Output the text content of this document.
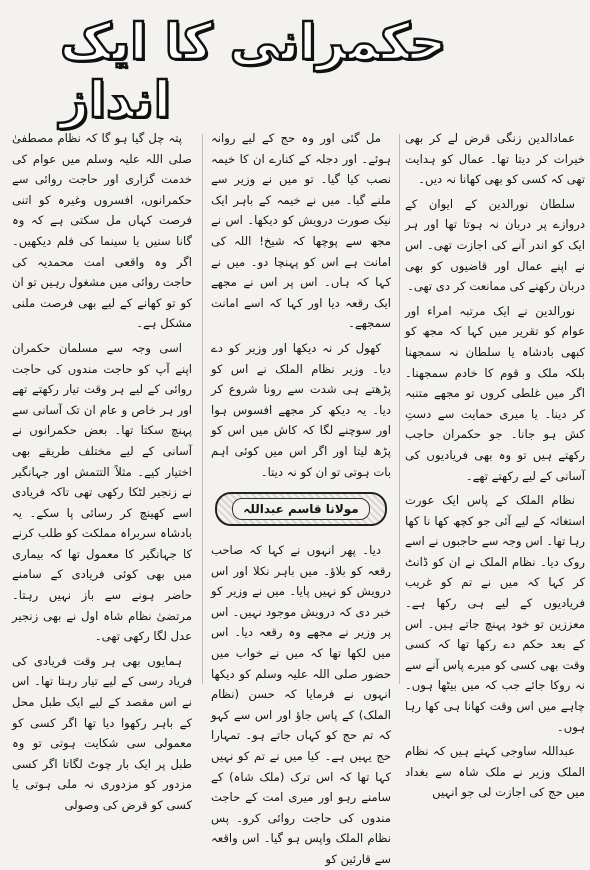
حکمرانی کا ایک انداز

عمادالدین زنگی قرض لے کر بھی خیرات کر دیتا تھا۔ عمال کو ہدایت تھی کہ کسی کو بھی کھانا نہ دیں۔

سلطان نورالدین کے ایوان کے دروازے پر دربان نہ ہوتا تھا اور ہر ایک کو اندر آنے کی اجازت تھی۔ اس نے اپنے عمال اور قاضیوں کو بھی دربان رکھنے کی ممانعت کر دی تھی۔

نورالدین نے ایک مرتبہ امراء اور عوام کو تقریر میں کہا کہ مجھ کو کبھی بادشاہ یا سلطان نہ سمجھنا بلکہ ملک و قوم کا خادم سمجھنا۔ اگر میں غلطی کروں تو مجھے متنبہ کر دینا۔ یا میری حمایت سے دستِ کش ہو جانا۔ جو حکمران حاجب رکھتے ہیں تو وہ بھی فریادیوں کی آسانی کے لیے رکھتے تھے۔

نظام الملک کے پاس ایک عورت استغاثہ کے لیے آئی جو کچھ کھا نا کھا رہا تھا۔ اس وجہ سے حاجبوں نے اسے روک دیا۔ نظام الملک نے ان کو ڈانٹ کر کہا کہ میں نے تم کو غریب فریادیوں کے لیے ہی رکھا ہے۔ معززین تو خود پہنچ جاتے ہیں۔ اس کے بعد حکم دے رکھا تھا کہ کسی وقت بھی کسی کو میرے پاس آنے سے نہ روکا جائے جب کہ میں بیٹھا ہوں۔ چاہے میں اس وقت کھانا ہی کھا رہا ہوں۔

عبداللہ ساوجی کہتے ہیں کہ نظام الملک وزیر نے ملک شاہ سے بغداد میں حج کی اجازت لی جو انہیں

مل گئی اور وہ حج کے لیے روانہ ہوئے۔ اور دجلہ کے کنارے ان کا خیمہ نصب کیا گیا۔ تو میں نے وزیر سے ملنے گیا۔ میں نے خیمہ کے باہر ایک نیک صورت درویش کو دیکھا۔ اس نے مجھ سے پوچھا کہ شیخ! اللہ کی امانت ہے اس کو پہنچا دو۔ میں نے کہا کہ ہاں۔ اس پر اس نے مجھے ایک رقعہ دیا اور کہا کہ اسے امانت سمجھے۔

کھول کر نہ دیکھا اور وزیر کو دے دیا۔ وزیر نظام الملک نے اس کو پڑھتے ہی شدت سے رونا شروع کر دیا۔ یہ دیکھ کر مجھے افسوس ہوا اور سوچنے لگا کہ کاش میں اس کو پڑھ لیتا اور اگر اس میں کوئی اہم بات ہوتی تو ان کو نہ دیتا۔

مولانا قاسم عبداللہ

دیا۔ پھر انہوں نے کہا کہ صاحب رقعہ کو بلاؤ۔ میں باہر نکلا اور اس درویش کو نہیں پایا۔ میں نے وزیر کو خبر دی کہ درویش موجود نہیں۔ اس پر وزیر نے مجھے وہ رقعہ دیا۔ اس میں لکھا تھا کہ میں نے خواب میں حضور صلی اللہ علیہ وسلم کو دیکھا انہوں نے فرمایا کہ حسن (نظام الملک) کے پاس جاؤ اور اس سے کہو کہ تم حج کو کہاں جاتے ہو۔ تمہارا حج یہیں ہے۔ کیا میں نے تم کو نہیں کہا تھا کہ اس ترک (ملک شاہ) کے سامنے رہو اور میری امت کے حاجت مندوں کی حاجت روائی کرو۔ پس نظام الملک واپس ہو گیا۔ اس واقعہ سے قارئین کو

پتہ چل گیا ہو گا کہ نظام مصطفیٰ صلی اللہ علیہ وسلم میں عوام کی خدمت گزاری اور حاجت روائی سے حکمرانوں، افسروں وغیرہ کو اتنی فرصت کہاں مل سکتی ہے کہ وہ گانا سنیں یا سینما کی فلم دیکھیں۔ اگر وہ واقعی امت محمدیہ کی حاجت روائی میں مشغول رہیں تو ان کو تو کھانے کے لیے بھی فرصت ملنی مشکل ہے۔

اسی وجہ سے مسلمان حکمران اپنے آپ کو حاجت مندوں کی حاجت روائی کے لیے ہر وقت تیار رکھتے تھے اور ہر خاص و عام ان تک آسانی سے پہنچ سکتا تھا۔ بعض حکمرانوں نے آسانی کے لیے مختلف طریقے بھی اختیار کیے۔ مثلاً التتمش اور جہانگیر نے زنجیر لٹکا رکھی تھی تاکہ فریادی اسے کھینچ کر رسائی پا سکے۔ یہ بادشاہ سربراہ مملکت کو طلب کرنے کا جہانگیر کا معمول تھا کہ بیماری میں بھی کوئی فریادی کے سامنے حاضر ہونے سے باز نہیں رہتا۔ مرتضیٰ نظام شاہ اول نے بھی زنجیر عدل لگا رکھی تھی۔

ہمایوں بھی ہر وقت فریادی کی فریاد رسی کے لیے تیار رہتا تھا۔ اس نے اس مقصد کے لیے ایک طبل محل کے باہر رکھوا دیا تھا اگر کسی کو معمولی سی شکایت ہوتی تو وہ طبل پر ایک بار چوٹ لگاتا اگر کسی مزدور کو مزدوری نہ ملی ہوتی یا کسی کو قرض کی وصولی
